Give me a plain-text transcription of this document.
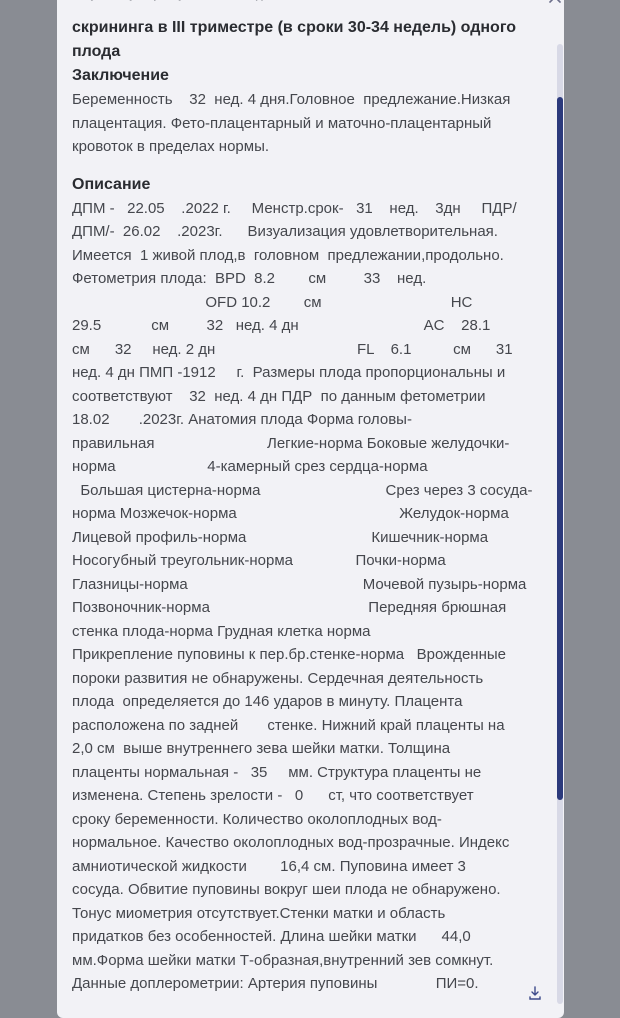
скрининга в III триместре (в сроки 30-34 недель) одного
плода
Заключение
Беременность    32  нед. 4 дня.Головное  предлежание.Низкая
плацентация. Фето-плацентарный и маточно-плацентарный
кровоток в пределах нормы.
Описание
ДПМ -   22.05    .2022 г.     Менстр.срок-   31    нед.    3дн     ПДР/
ДПМ/-  26.02    .2023г.      Визуализация удовлетворительная.
Имеется  1 живой плод,в  головном  предлежании,продольно.
Фетометрия плода:  BPD  8.2        см         33    нед.
OFD 10.2        см                               HC
29.5            см         32   нед. 4 дн                              AC    28.1
см      32     нед. 2 дн                                  FL    6.1          см      31
нед. 4 дн ПМП -1912     г.  Размеры плода пропорциональны и
соответствуют    32  нед. 4 дн ПДР  по данным фетометрии
18.02       .2023г. Анатомия плода Форма головы-
правильная                           Легкие-норма Боковые желудочки-
норма                      4-камерный срез сердца-норма
Большая цистерна-норма                              Срез через 3 сосуда-
норма Мозжечок-норма                                       Желудок-норма
Лицевой профиль-норма                              Кишечник-норма
Носогубный треугольник-норма               Почки-норма
Глазницы-норма                                          Мочевой пузырь-норма
Позвоночник-норма                                      Передняя брюшная
стенка плода-норма Грудная клетка норма
Прикрепление пуповины к пер.бр.стенке-норма   Врожденные
пороки развития не обнаружены. Сердечная деятельность
плода  определяется до 146 ударов в минуту. Плацента
расположена по задней       стенке. Нижний край плаценты на
2,0 см  выше внутреннего зева шейки матки. Толщина
плаценты нормальная -   35     мм. Структура плаценты не
изменена. Степень зрелости -   0      ст, что соответствует
сроку беременности. Количество околоплодных вод-
нормальное. Качество околоплодных вод-прозрачные. Индекс
амниотической жидкости        16,4 см. Пуповина имеет 3
сосуда. Обвитие пуповины вокруг шеи плода не обнаружено.
Тонус миометрия отсутствует.Стенки матки и область
придатков без особенностей. Длина шейки матки      44,0
мм.Форма шейки матки Т-образная,внутренний зев сомкнут.
Данные доплерометрии: Артерия пуповины              ПИ=0.
